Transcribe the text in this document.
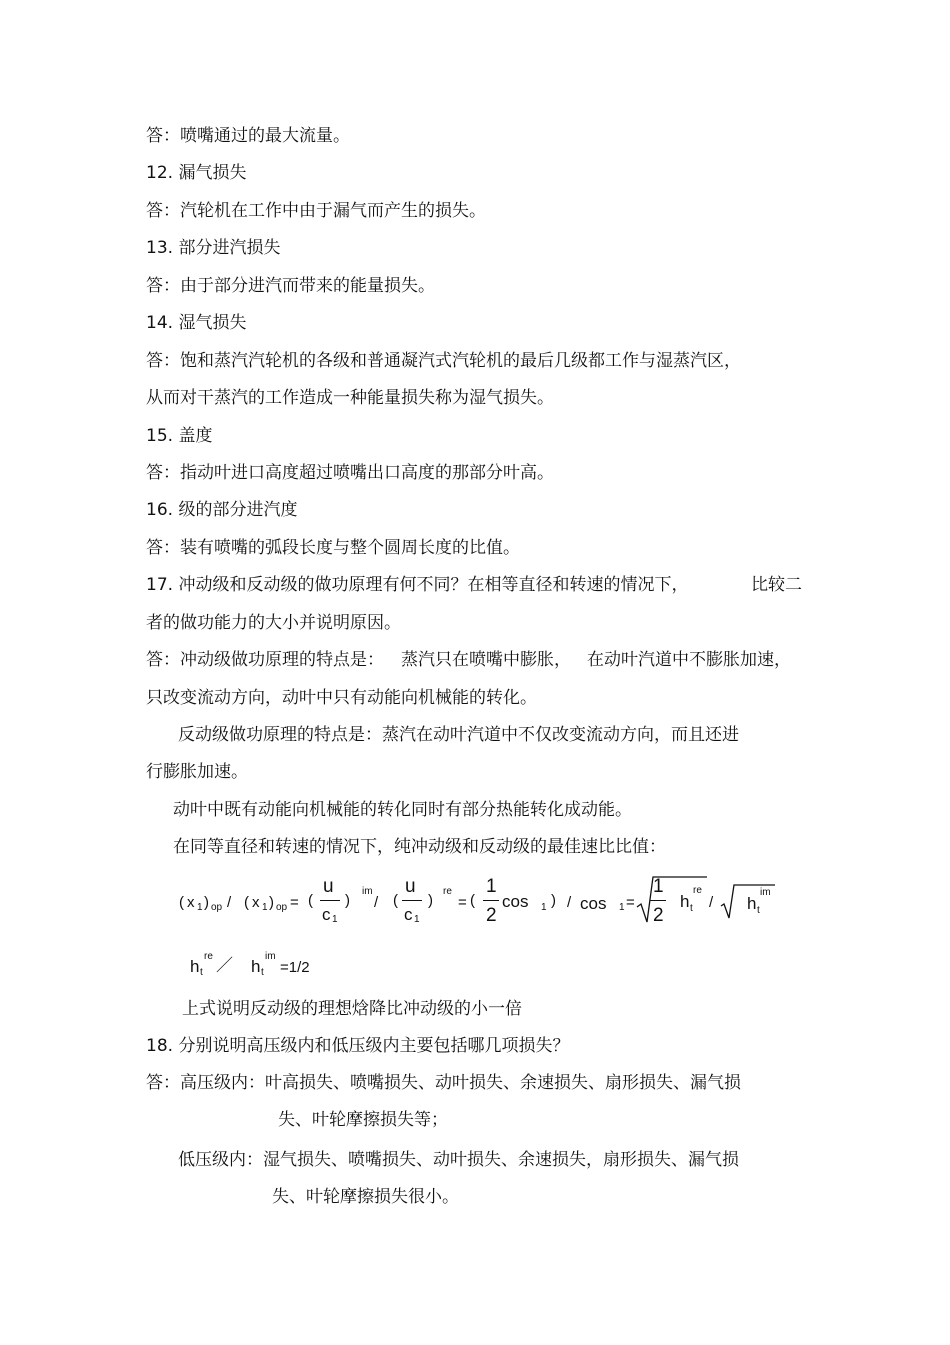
答：喷嘴通过的最大流量。
12. 漏气损失
答：汽轮机在工作中由于漏气而产生的损失。
13. 部分进汽损失
答：由于部分进汽而带来的能量损失。
14. 湿气损失
答：饱和蒸汽汽轮机的各级和普通凝汽式汽轮机的最后几级都工作与湿蒸汽区，
从而对干蒸汽的工作造成一种能量损失称为湿气损失。
15. 盖度
答：指动叶进口高度超过喷嘴出口高度的那部分叶高。
16. 级的部分进汽度
答：装有喷嘴的弧段长度与整个圆周长度的比值。
17. 冲动级和反动级的做功原理有何不同？在相等直径和转速的情况下，	比较二
者的做功能力的大小并说明原因。
答：冲动级做功原理的特点是： 蒸汽只在喷嘴中膨胀， 在动叶汽道中不膨胀加速，
只改变流动方向，动叶中只有动能向机械能的转化。
反动级做功原理的特点是：蒸汽在动叶汽道中不仅改变流动方向，而且还进
行膨胀加速。
动叶中既有动能向机械能的转化同时有部分热能转化成动能。
在同等直径和转速的情况下，纯冲动级和反动级的最佳速比比值：
( x 1 ) op / ( x 1 ) op = (
u
c 1
)
im
/ (
u
c 1
)
re
= (
1
2
cos 1 ) / cos 1 =
1
2
h t
re
/ h t
im
h t
re ／ h t
im
=1/2
上式说明反动级的理想焓降比冲动级的小一倍
18. 分别说明高压级内和低压级内主要包括哪几项损失？
答：高压级内：叶高损失、喷嘴损失、动叶损失、余速损失、扇形损失、漏气损
失、叶轮摩擦损失等；
低压级内：湿气损失、喷嘴损失、动叶损失、余速损失，扇形损失、漏气损
失、叶轮摩擦损失很小。
